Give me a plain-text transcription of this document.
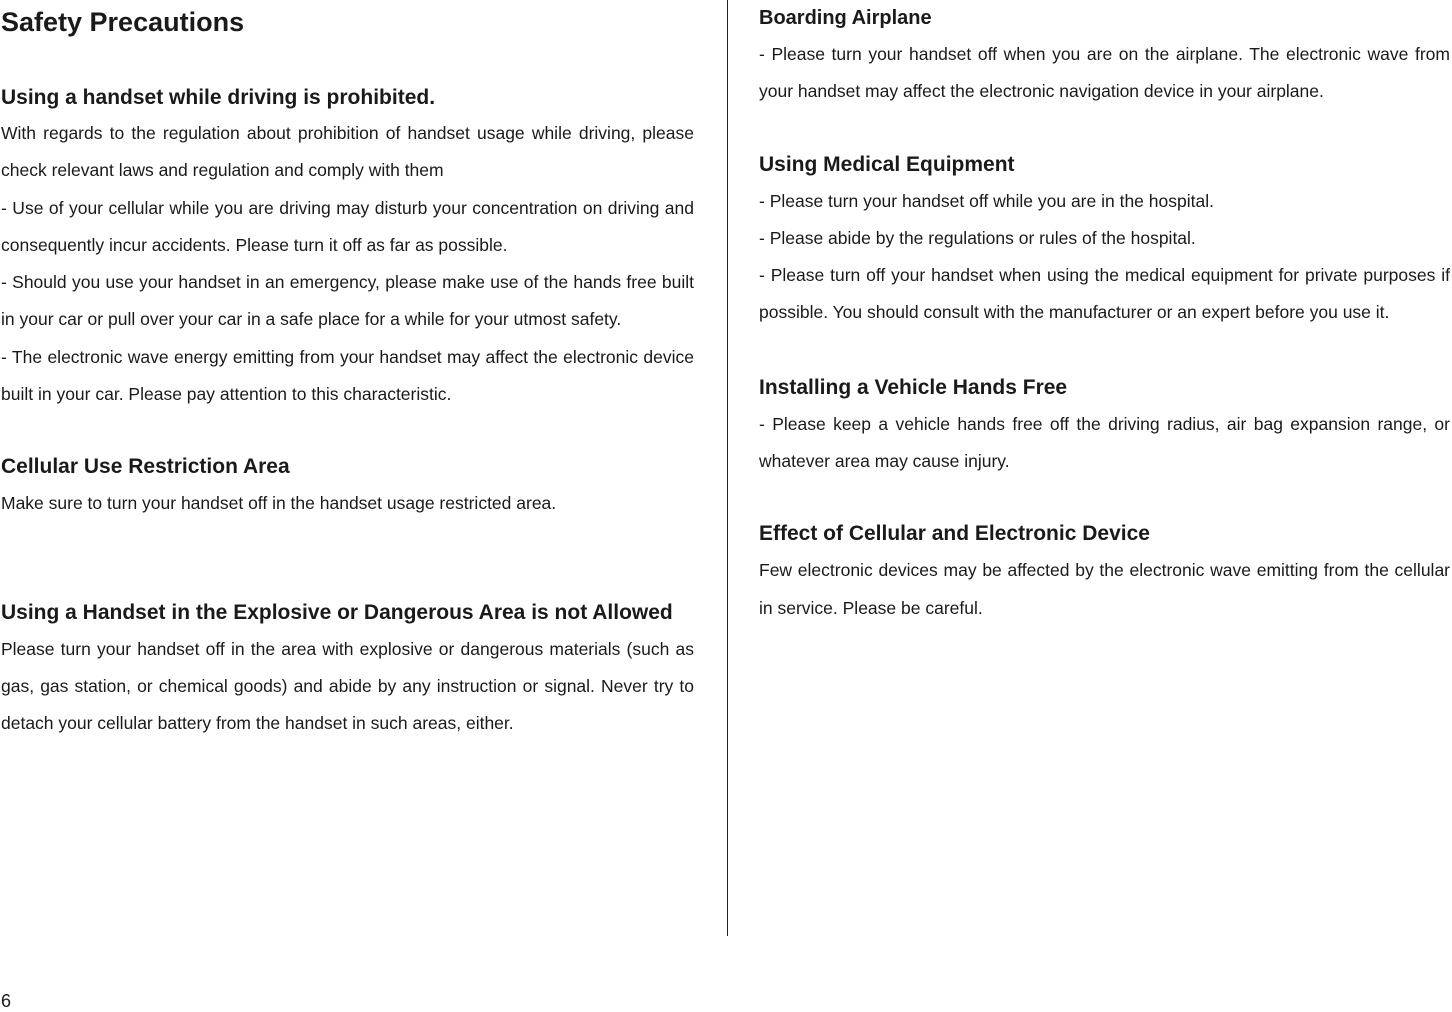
Safety Precautions
Using a handset while driving is prohibited.

With regards to the regulation about prohibition of handset usage while driving, please check relevant laws and regulation and comply with them

- Use of your cellular while you are driving may disturb your concentration on driving and consequently incur accidents. Please turn it off as far as possible.

- Should you use your handset in an emergency, please make use of the hands free built in your car or pull over your car in a safe place for a while for your utmost safety.

- The electronic wave energy emitting from your handset may affect the electronic device built in your car. Please pay attention to this characteristic.

Cellular Use Restriction Area

Make sure to turn your handset off in the handset usage restricted area.

Using a Handset in the Explosive or Dangerous Area is not Allowed

Please turn your handset off in the area with explosive or dangerous materials (such as gas, gas station, or chemical goods) and abide by any instruction or signal. Never try to detach your cellular battery from the handset in such areas, either.

Boarding Airplane

- Please turn your handset off when you are on the airplane. The electronic wave from your handset may affect the electronic navigation device in your airplane.

Using Medical Equipment

- Please turn your handset off while you are in the hospital.

- Please abide by the regulations or rules of the hospital.

- Please turn off your handset when using the medical equipment for private purposes if possible. You should consult with the manufacturer or an expert before you use it.

Installing a Vehicle Hands Free

- Please keep a vehicle hands free off the driving radius, air bag expansion range, or whatever area may cause injury.

Effect of Cellular and Electronic Device

Few electronic devices may be affected by the electronic wave emitting from the cellular in service. Please be careful.

6
